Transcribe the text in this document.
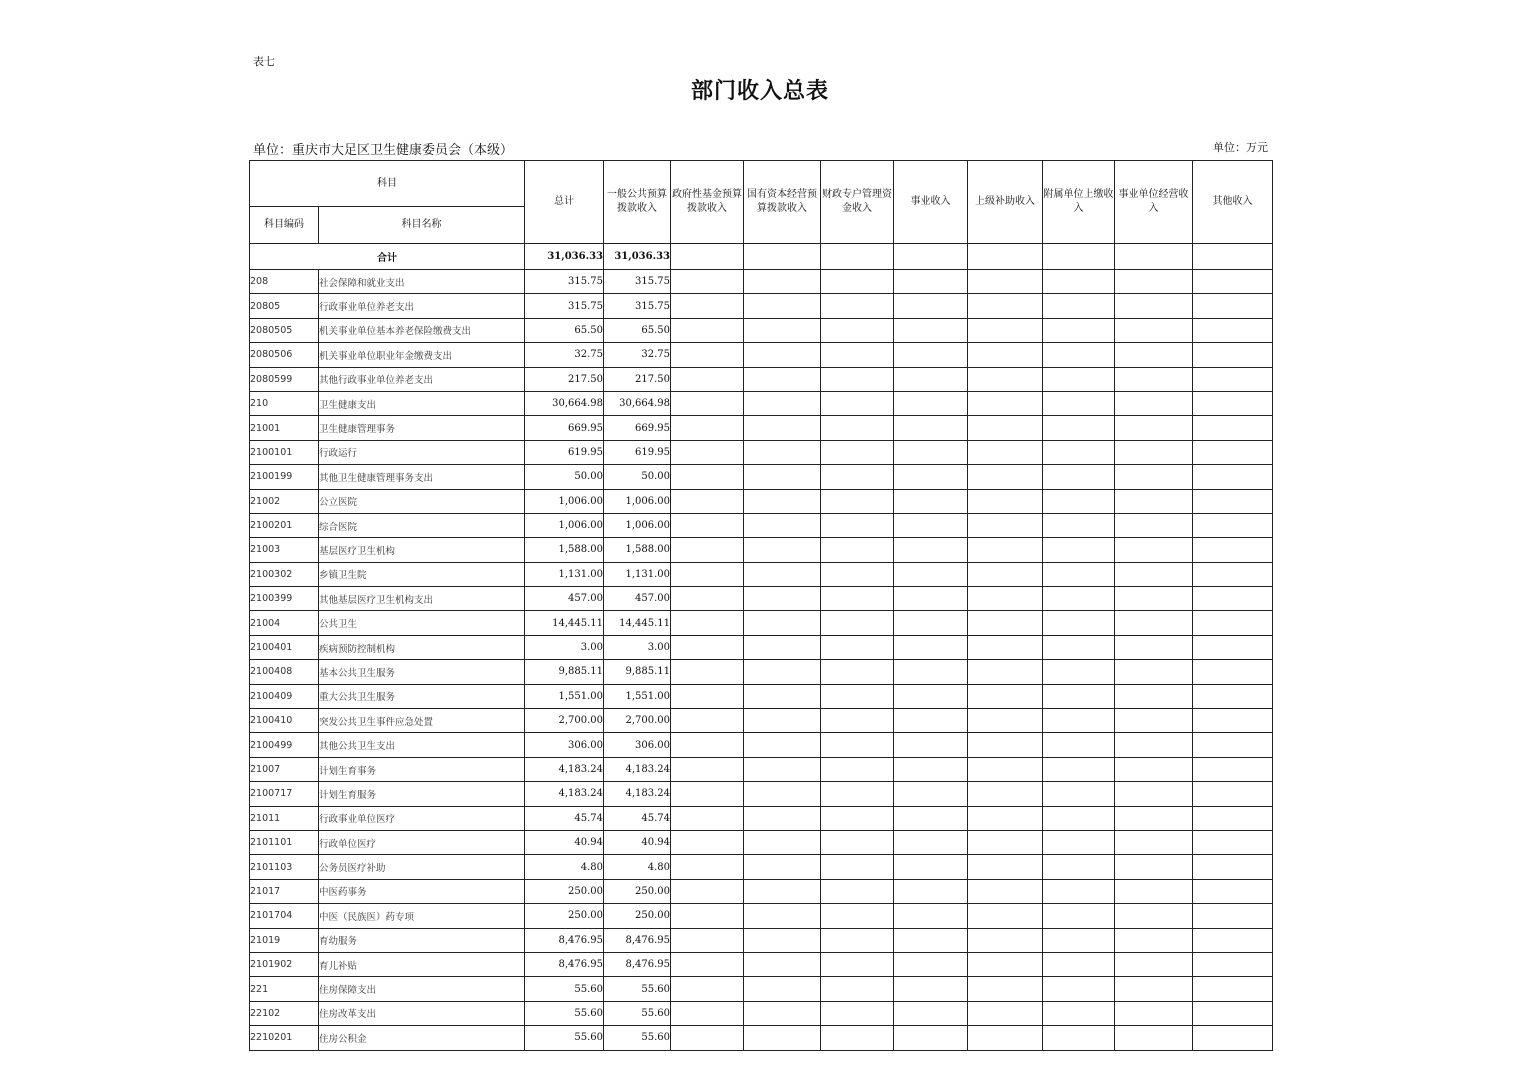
表七
部门收入总表
单位：重庆市大足区卫生健康委员会（本级）	单位：万元
科目		总计	一般公共预算拨款收入	政府性基金预算拨款收入	国有资本经营预算拨款收入	财政专户管理资金收入	事业收入	上级补助收入	附属单位上缴收入	事业单位经营收入	其他收入
科目编码	科目名称										
合计		31,036.33	31,036.33								
208	社会保障和就业支出	315.75	315.75								
20805	行政事业单位养老支出	315.75	315.75								
2080505	机关事业单位基本养老保险缴费支出	65.50	65.50								
2080506	机关事业单位职业年金缴费支出	32.75	32.75								
2080599	其他行政事业单位养老支出	217.50	217.50								
210	卫生健康支出	30,664.98	30,664.98								
21001	卫生健康管理事务	669.95	669.95								
2100101	行政运行	619.95	619.95								
2100199	其他卫生健康管理事务支出	50.00	50.00								
21002	公立医院	1,006.00	1,006.00								
2100201	综合医院	1,006.00	1,006.00								
21003	基层医疗卫生机构	1,588.00	1,588.00								
2100302	乡镇卫生院	1,131.00	1,131.00								
2100399	其他基层医疗卫生机构支出	457.00	457.00								
21004	公共卫生	14,445.11	14,445.11								
2100401	疾病预防控制机构	3.00	3.00								
2100408	基本公共卫生服务	9,885.11	9,885.11								
2100409	重大公共卫生服务	1,551.00	1,551.00								
2100410	突发公共卫生事件应急处置	2,700.00	2,700.00								
2100499	其他公共卫生支出	306.00	306.00								
21007	计划生育事务	4,183.24	4,183.24								
2100717	计划生育服务	4,183.24	4,183.24								
21011	行政事业单位医疗	45.74	45.74								
2101101	行政单位医疗	40.94	40.94								
2101103	公务员医疗补助	4.80	4.80								
21017	中医药事务	250.00	250.00								
2101704	中医（民族医）药专项	250.00	250.00								
21019	育幼服务	8,476.95	8,476.95								
2101902	育儿补贴	8,476.95	8,476.95								
221	住房保障支出	55.60	55.60								
22102	住房改革支出	55.60	55.60								
2210201	住房公积金	55.60	55.60								
